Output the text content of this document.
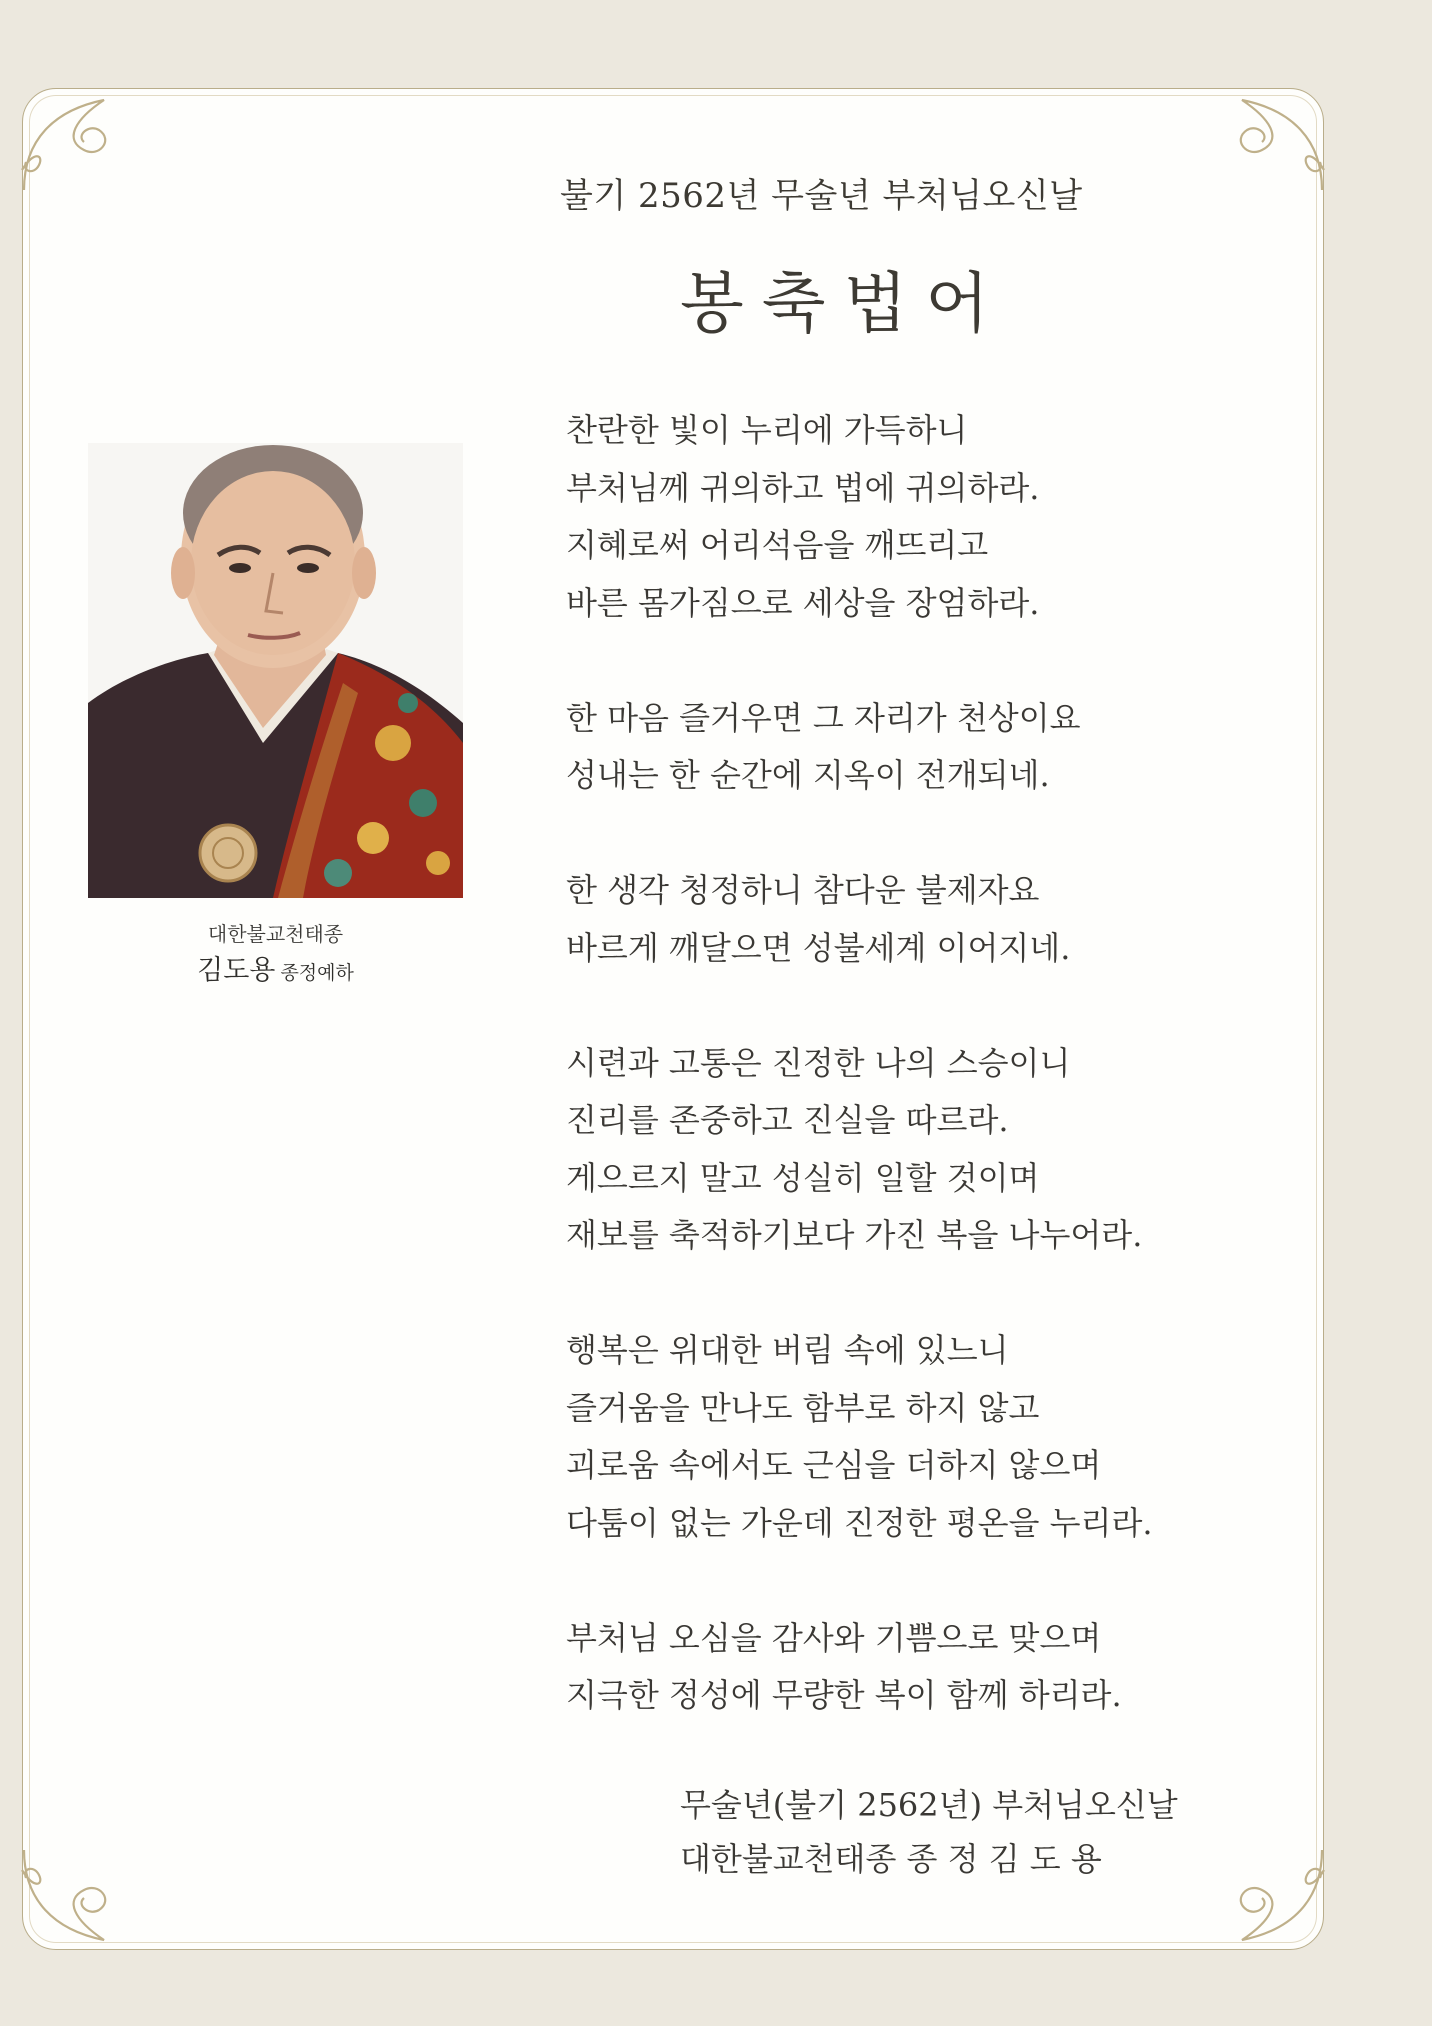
불기 2562년 무술년 부처님오신날
봉축법어
대한불교천태종
김도용 종정예하
찬란한 빛이 누리에 가득하니
부처님께 귀의하고 법에 귀의하라.
지혜로써 어리석음을 깨뜨리고
바른 몸가짐으로 세상을 장엄하라.
한 마음 즐거우면 그 자리가 천상이요
성내는 한 순간에 지옥이 전개되네.
한 생각 청정하니 참다운 불제자요
바르게 깨달으면 성불세계 이어지네.
시련과 고통은 진정한 나의 스승이니
진리를 존중하고 진실을 따르라.
게으르지 말고 성실히 일할 것이며
재보를 축적하기보다 가진 복을 나누어라.
행복은 위대한 버림 속에 있느니
즐거움을 만나도 함부로 하지 않고
괴로움 속에서도 근심을 더하지 않으며
다툼이 없는 가운데 진정한 평온을 누리라.
부처님 오심을 감사와 기쁨으로 맞으며
지극한 정성에 무량한 복이 함께 하리라.
무술년(불기 2562년) 부처님오신날
대한불교천태종 종 정 김 도 용
